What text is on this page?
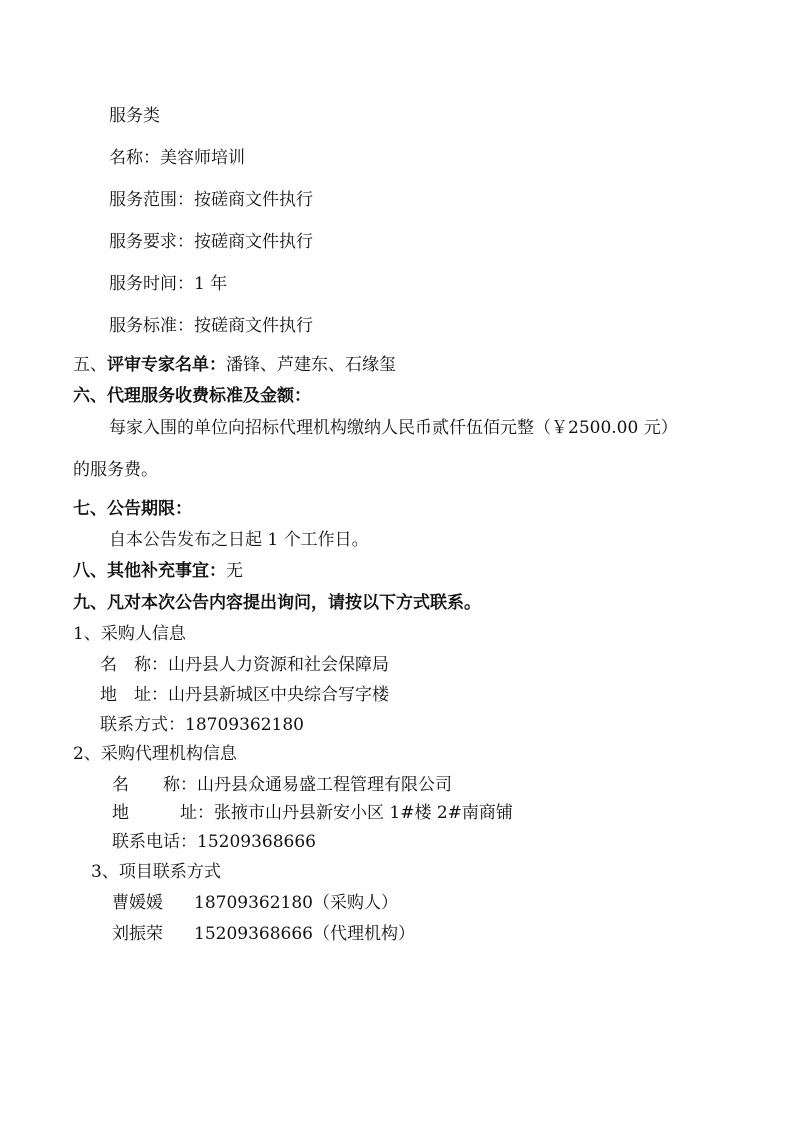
服务类
名称：美容师培训
服务范围：按磋商文件执行
服务要求：按磋商文件执行
服务时间：1 年
服务标准：按磋商文件执行
五、评审专家名单：潘锋、芦建东、石缘玺
六、代理服务收费标准及金额：
每家入围的单位向招标代理机构缴纳人民币贰仟伍佰元整（￥2500.00 元）
的服务费。
七、公告期限：
自本公告发布之日起 1 个工作日。
八、其他补充事宜：无
九、凡对本次公告内容提出询问，请按以下方式联系。
1、采购人信息
名　称：山丹县人力资源和社会保障局
地　址：山丹县新城区中央综合写字楼
联系方式：18709362180
2、采购代理机构信息
名　　称：山丹县众通易盛工程管理有限公司
地　　　址：张掖市山丹县新安小区 1#楼 2#南商铺
联系电话：15209368666
3、项目联系方式
曹媛媛 18709362180（采购人）
刘振荣 15209368666（代理机构）
